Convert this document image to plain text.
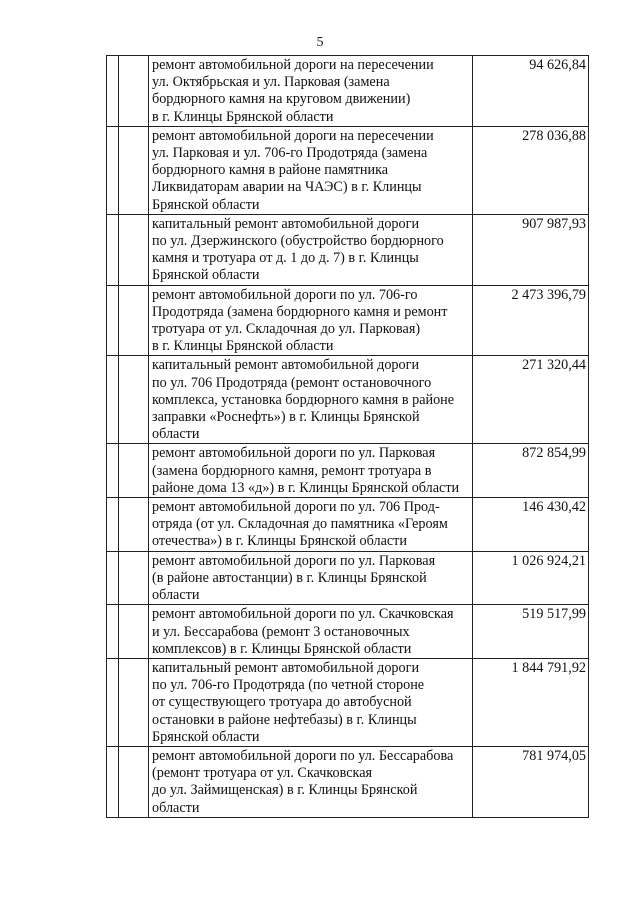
5
		ремонт автомобильной дороги на пересечении
ул. Октябрьская и ул. Парковая (замена
бордюрного камня на круговом движении)
в г. Клинцы Брянской области	94 626,84
		ремонт автомобильной дороги на пересечении
ул. Парковая и ул. 706-го Продотряда (замена
бордюрного камня в районе памятника
Ликвидаторам аварии на ЧАЭС) в г. Клинцы
Брянской области	278 036,88
		капитальный ремонт автомобильной дороги
по ул. Дзержинского (обустройство бордюрного
камня и тротуара от д. 1 до д. 7) в г. Клинцы
Брянской области	907 987,93
		ремонт автомобильной дороги по ул. 706-го
Продотряда (замена бордюрного камня и ремонт
тротуара от ул. Складочная до ул. Парковая)
в г. Клинцы Брянской области	2 473 396,79
		капитальный ремонт автомобильной дороги
по ул. 706 Продотряда (ремонт остановочного
комплекса, установка бордюрного камня в районе
заправки «Роснефть») в г. Клинцы Брянской
области	271 320,44
		ремонт автомобильной дороги по ул. Парковая
(замена бордюрного камня, ремонт тротуара в
районе дома 13 «д») в г. Клинцы Брянской области	872 854,99
		ремонт автомобильной дороги по ул. 706 Прод-
отряда (от ул. Складочная до памятника «Героям
отечества») в г. Клинцы Брянской области	146 430,42
		ремонт автомобильной дороги по ул. Парковая
(в районе автостанции) в г. Клинцы Брянской
области	1 026 924,21
		ремонт автомобильной дороги по ул. Скачковская
и ул. Бессарабова (ремонт 3 остановочных
комплексов) в г. Клинцы Брянской области	519 517,99
		капитальный ремонт автомобильной дороги
по ул. 706-го Продотряда (по четной стороне
от существующего тротуара до автобусной
остановки в районе нефтебазы) в г. Клинцы
Брянской области	1 844 791,92
		ремонт автомобильной дороги по ул. Бессарабова
(ремонт тротуара от ул. Скачковская
до ул. Займищенская) в г. Клинцы Брянской
области	781 974,05
